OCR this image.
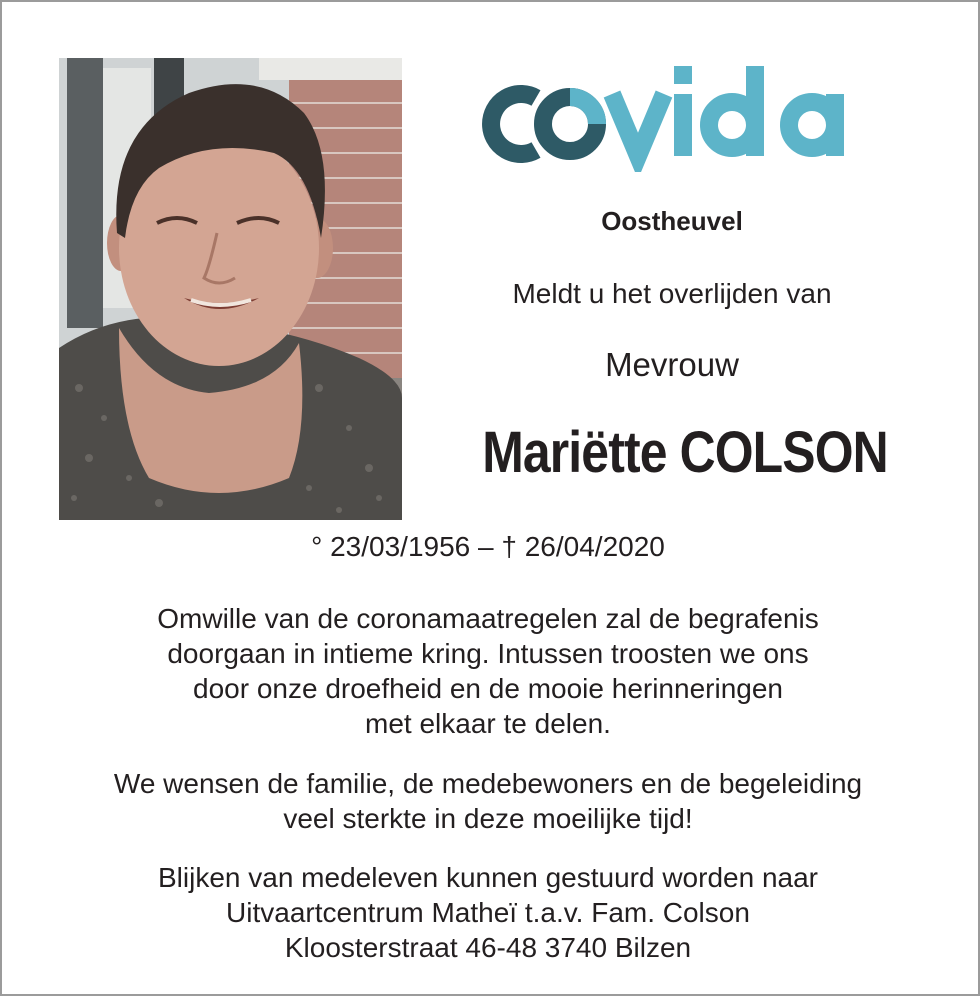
Oostheuvel
Meldt u het overlijden van
Mevrouw
Mariëtte COLSON
° 23/03/1956 – † 26/04/2020
Omwille van de coronamaatregelen zal de begrafenis
doorgaan in intieme kring. Intussen troosten we ons
door onze droefheid en de mooie herinneringen
met elkaar te delen.
We wensen de familie, de medebewoners en de begeleiding
veel sterkte in deze moeilijke tijd!
Blijken van medeleven kunnen gestuurd worden naar
Uitvaartcentrum Matheï t.a.v. Fam. Colson
Kloosterstraat 46-48 3740 Bilzen
